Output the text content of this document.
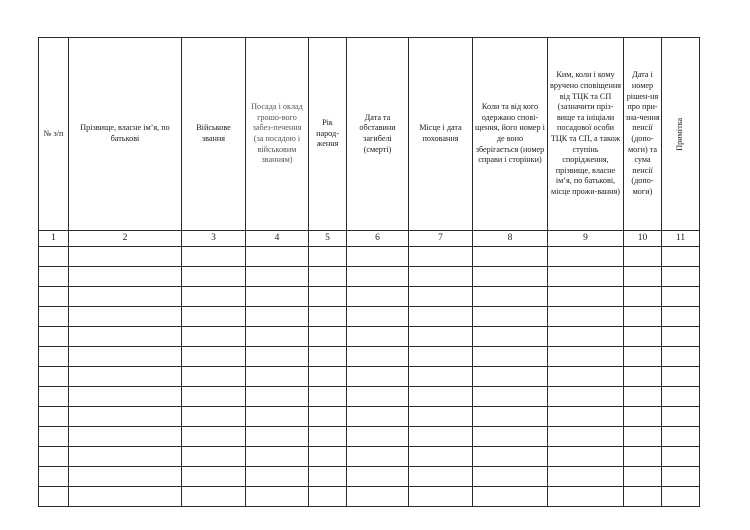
№ з/п	Прізвище, власне ім’я, по батькові	Військове звання	Посада і оклад грошо-вого забез-печення (за посадою і військовим званням)	Рік народ-ження	Дата та обставини загибелі (смерті)	Місце і дата поховання	Коли та від кого одержано спові-щення, його номер і де воно зберігається (номер справи і сторінки)	Ким, коли і кому вручено сповіщення від ТЦК та СП (зазначити пріз-вище та ініціали посадової особи ТЦК та СП, а також ступінь спорідження, прізвище, власне ім’я, по батькові, місце прожи-вання)	Дата і номер рішен-ня про при-зна-чення пенсії (допо-моги) та сума пенсії (допо-моги)	Примітка
1	2	3	4	5	6	7	8	9	10	11
